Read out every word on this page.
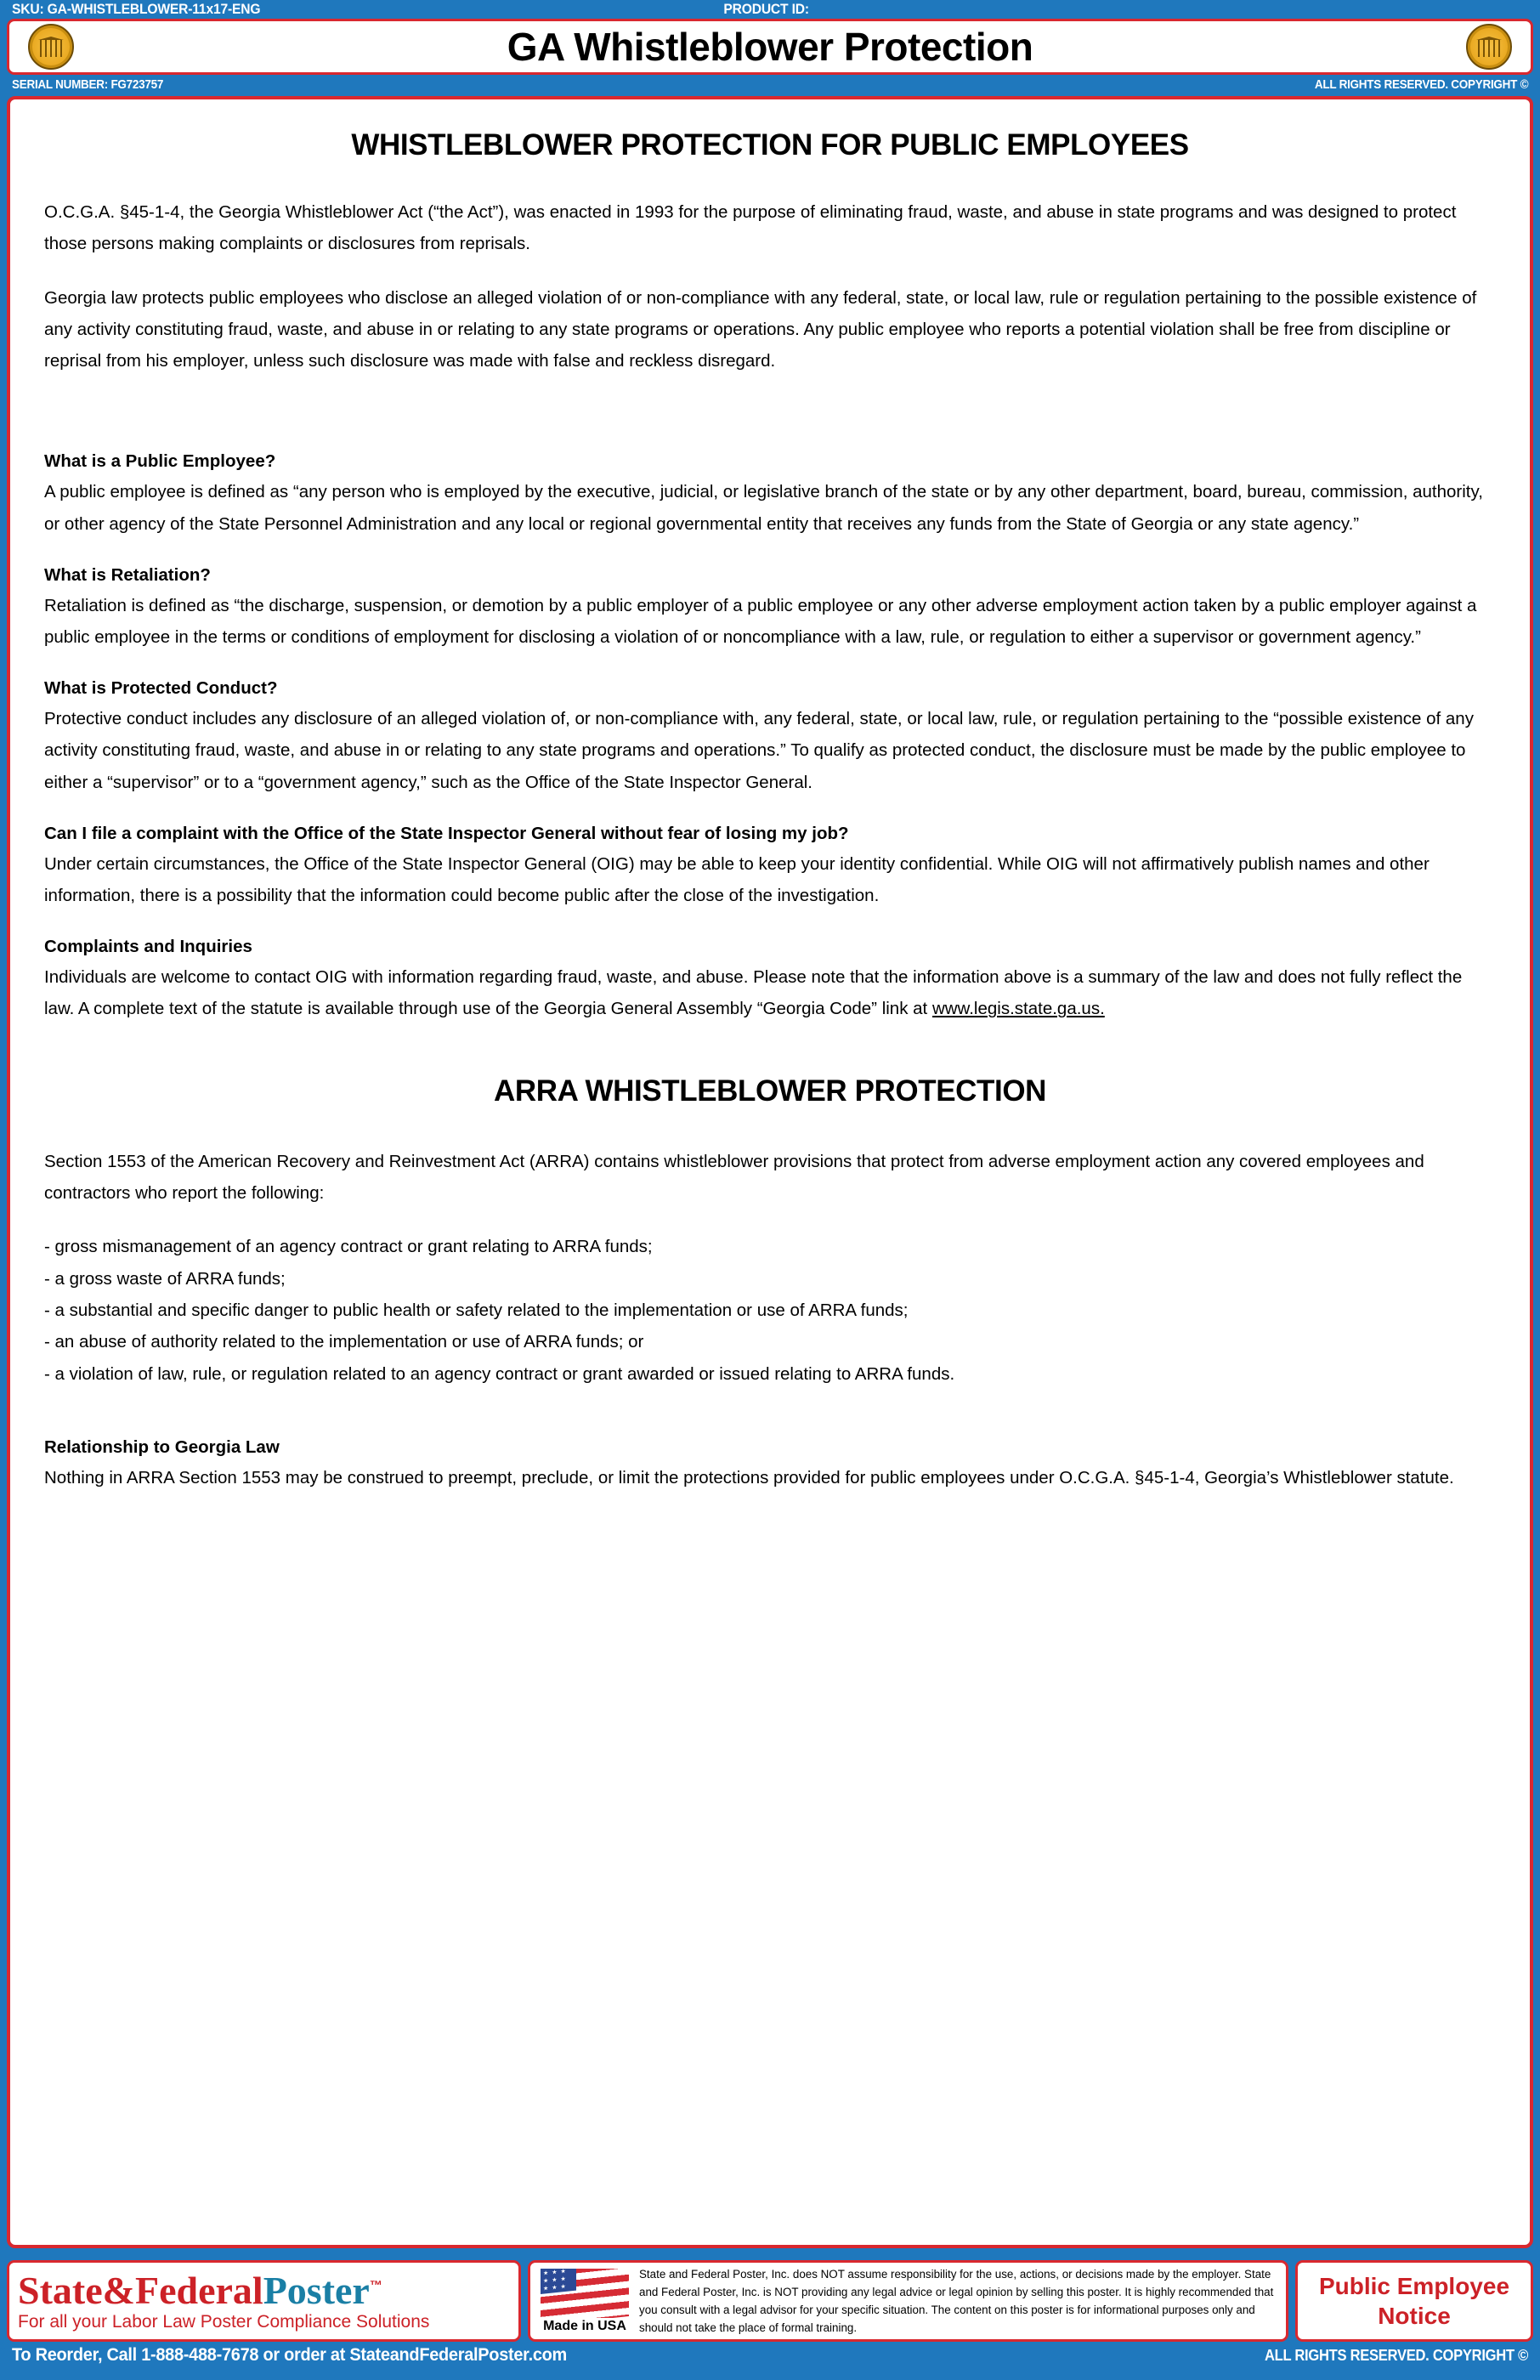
SKU: GA-WHISTLEBLOWER-11x17-ENG	PRODUCT ID:
GA Whistleblower Protection
SERIAL NUMBER: FG723757	ALL RIGHTS RESERVED. COPYRIGHT ©
WHISTLEBLOWER PROTECTION FOR PUBLIC EMPLOYEES

O.C.G.A. §45-1-4, the Georgia Whistleblower Act (“the Act”), was enacted in 1993 for the purpose of eliminating fraud, waste, and abuse in state programs and was designed to protect those persons making complaints or disclosures from reprisals.

Georgia law protects public employees who disclose an alleged violation of or non-compliance with any federal, state, or local law, rule or regulation pertaining to the possible existence of any activity constituting fraud, waste, and abuse in or relating to any state programs or operations. Any public employee who reports a potential violation shall be free from discipline or reprisal from his employer, unless such disclosure was made with false and reckless disregard.

What is a Public Employee?

A public employee is defined as “any person who is employed by the executive, judicial, or legislative branch of the state or by any other department, board, bureau, commission, authority, or other agency of the State Personnel Administration and any local or regional governmental entity that receives any funds from the State of Georgia or any state agency.”

What is Retaliation?

Retaliation is defined as “the discharge, suspension, or demotion by a public employer of a public employee or any other adverse employment action taken by a public employer against a public employee in the terms or conditions of employment for disclosing a violation of or noncompliance with a law, rule, or regulation to either a supervisor or government agency.”

What is Protected Conduct?

Protective conduct includes any disclosure of an alleged violation of, or non-compliance with, any federal, state, or local law, rule, or regulation pertaining to the “possible existence of any activity constituting fraud, waste, and abuse in or relating to any state programs and operations.” To qualify as protected conduct, the disclosure must be made by the public employee to either a “supervisor” or to a “government agency,” such as the Office of the State Inspector General.

Can I file a complaint with the Office of the State Inspector General without fear of losing my job?

Under certain circumstances, the Office of the State Inspector General (OIG) may be able to keep your identity confidential. While OIG will not affirmatively publish names and other information, there is a possibility that the information could become public after the close of the investigation.

Complaints and Inquiries

Individuals are welcome to contact OIG with information regarding fraud, waste, and abuse. Please note that the information above is a summary of the law and does not fully reflect the law. A complete text of the statute is available through use of the Georgia General Assembly “Georgia Code” link at www.legis.state.ga.us.

ARRA WHISTLEBLOWER PROTECTION

Section 1553 of the American Recovery and Reinvestment Act (ARRA) contains whistleblower provisions that protect from adverse employment action any covered employees and contractors who report the following:

- gross mismanagement of an agency contract or grant relating to ARRA funds;

- a gross waste of ARRA funds;

- a substantial and specific danger to public health or safety related to the implementation or use of ARRA funds;

- an abuse of authority related to the implementation or use of ARRA funds; or

- a violation of law, rule, or regulation related to an agency contract or grant awarded or issued relating to ARRA funds.

Relationship to Georgia Law

Nothing in ARRA Section 1553 may be construed to preempt, preclude, or limit the protections provided for public employees under O.C.G.A. §45-1-4, Georgia’s Whistleblower statute.

State&FederalPoster™
For all your Labor Law Poster Compliance Solutions
★ ★ ★ ★ ★ ★ ★ ★ ★	Made in USA
State and Federal Poster, Inc. does NOT assume responsibility for the use, actions, or decisions made by the employer. State and Federal Poster, Inc. is NOT providing any legal advice or legal opinion by selling this poster. It is highly recommended that you consult with a legal advisor for your specific situation. The content on this poster is for informational purposes only and should not take the place of formal training.
Public Employee
Notice
To Reorder, Call 1-888-488-7678 or order at StateandFederalPoster.com	ALL RIGHTS RESERVED. COPYRIGHT ©
